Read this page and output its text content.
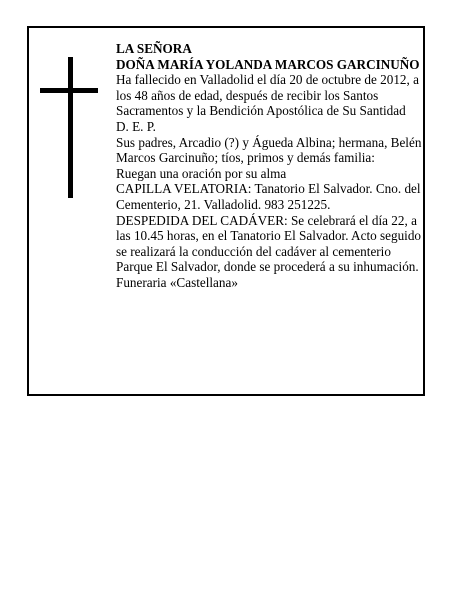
LA SEÑORA

DOÑA MARÍA YOLANDA MARCOS GARCINUÑO

Ha fallecido en Valladolid el día 20 de octubre de 2012, a los 48 años de edad, después de recibir los Santos Sacramentos y la Bendición Apostólica de Su Santidad

D. E. P.

Sus padres, Arcadio (?) y Águeda Albina; hermana, Belén Marcos Garcinuño; tíos, primos y demás familia:

Ruegan una oración por su alma

CAPILLA VELATORIA: Tanatorio El Salvador. Cno. del Cementerio, 21. Valladolid. 983 251225.

DESPEDIDA DEL CADÁVER: Se celebrará el día 22, a las 10.45 horas, en el Tanatorio El Salvador. Acto seguido se realizará la conducción del cadáver al cementerio Parque El Salvador, donde se procederá a su inhumación.

Funeraria «Castellana»
